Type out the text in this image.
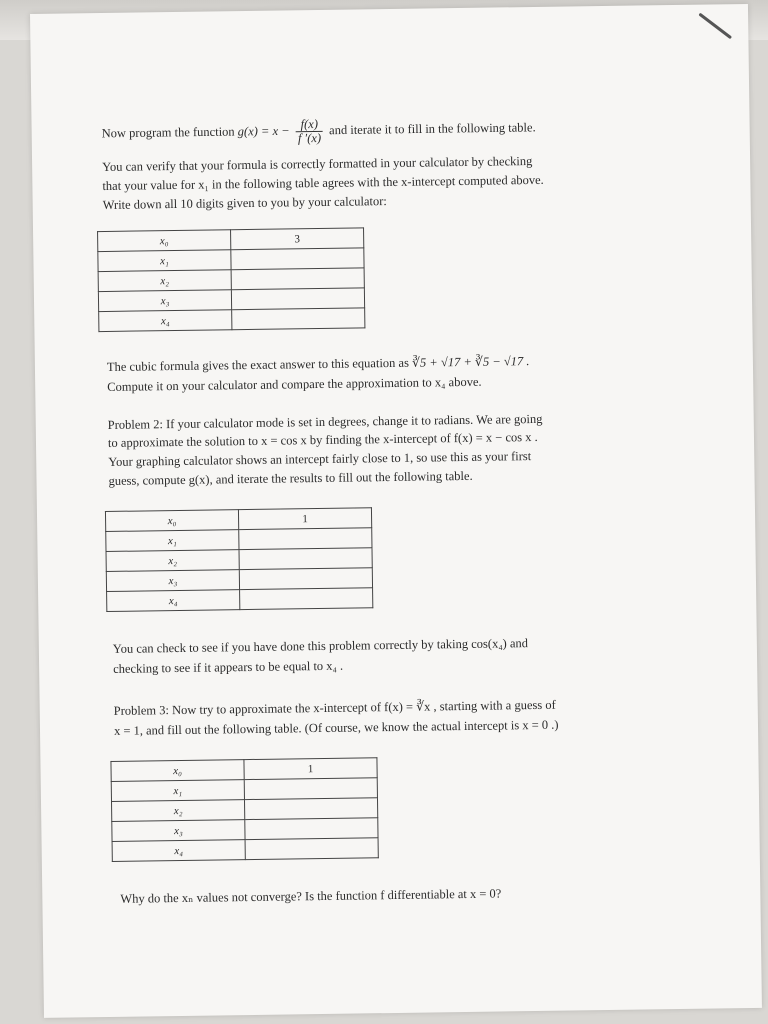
Now program the function $g(x) = x - \frac{f(x)}{f '(x)}$ and iterate it to fill in the following table.
You can verify that your formula is correctly formatted in your calculator by checking
that your value for x₁ in the following table agrees with the x-intercept computed above.
Write down all 10 digits given to you by your calculator:
x₀	3
x₁	
x₂	
x₃	
x₄	
The cubic formula gives the exact answer to this equation as ∛5 + √17 + ∛5 − √17 .
Compute it on your calculator and compare the approximation to x₄ above.
Problem 2: If your calculator mode is set in degrees, change it to radians. We are going
to approximate the solution to x = cos x by finding the x-intercept of f(x) = x − cos x .
Your graphing calculator shows an intercept fairly close to 1, so use this as your first
guess, compute g(x), and iterate the results to fill out the following table.
x₀	1
x₁	
x₂	
x₃	
x₄	
You can check to see if you have done this problem correctly by taking cos(x₄) and
checking to see if it appears to be equal to x₄ .
Problem 3: Now try to approximate the x-intercept of f(x) = ∛x , starting with a guess of
x = 1, and fill out the following table. (Of course, we know the actual intercept is x = 0 .)
x₀	1
x₁	
x₂	
x₃	
x₄	
Why do the xₙ values not converge? Is the function f differentiable at x = 0?
